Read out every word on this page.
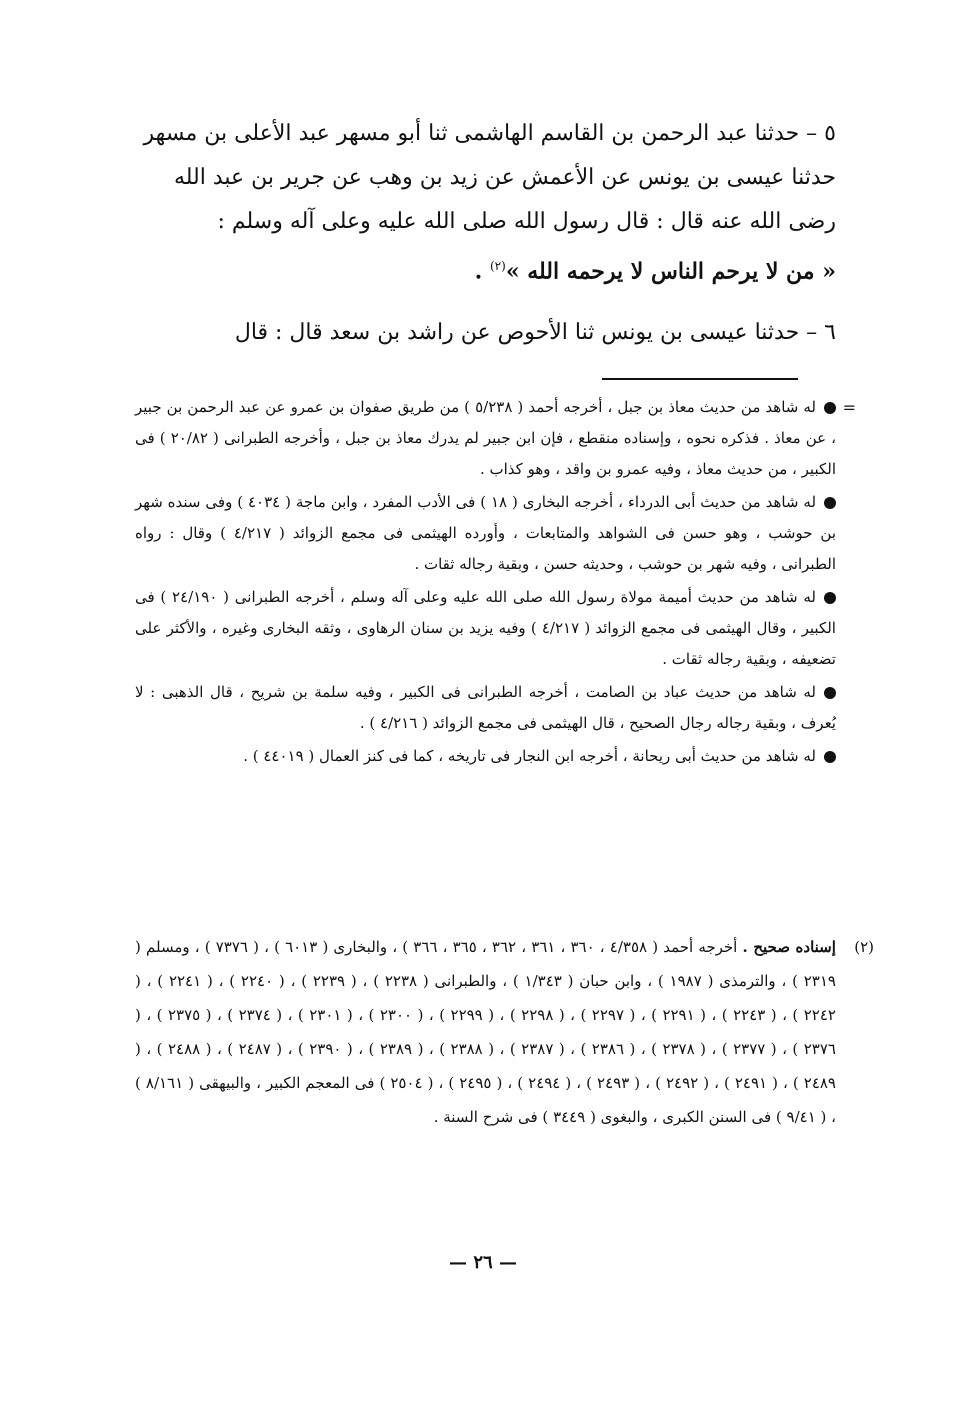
٥ – حدثنا عبد الرحمن بن القاسم الهاشمى ثنا أبو مسهر عبد الأعلى بن مسهر
حدثنا عيسى بن يونس عن الأعمش عن زيد بن وهب عن جرير بن عبد الله
رضى الله عنه قال : قال رسول الله صلى الله عليه وعلى آله وسلم :
« من لا يرحم الناس لا يرحمه الله »$^{(٢)}$ .
٦ – حدثنا عيسى بن يونس ثنا الأحوص عن راشد بن سعد قال : قال
=
له شاهد من حديث معاذ بن جبل ، أخرجه أحمد ( ٥/٢٣٨ ) من طريق صفوان بن عمرو عن عبد الرحمن بن جبير ، عن معاذ . فذكره نحوه ، وإسناده منقطع ، فإن ابن جبير لم يدرك معاذ بن جبل ، وأخرجه الطبرانى ( ٢٠/٨٢ ) فى الكبير ، من حديث معاذ ، وفيه عمرو بن واقد ، وهو كذاب .
له شاهد من حديث أبى الدرداء ، أخرجه البخارى ( ١٨ ) فى الأدب المفرد ، وابن ماجة ( ٤٠٣٤ ) وفى سنده شهر بن حوشب ، وهو حسن فى الشواهد والمتابعات ، وأورده الهيثمى فى مجمع الزوائد ( ٤/٢١٧ ) وقال : رواه الطبرانى ، وفيه شهر بن حوشب ، وحديثه حسن ، وبقية رجاله ثقات .
له شاهد من حديث أميمة مولاة رسول الله صلى الله عليه وعلى آله وسلم ، أخرجه الطبرانى ( ٢٤/١٩٠ ) فى الكبير ، وقال الهيثمى فى مجمع الزوائد ( ٤/٢١٧ ) وفيه يزيد بن سنان الرهاوى ، وثقه البخارى وغيره ، والأكثر على تضعيفه ، وبقية رجاله ثقات .
له شاهد من حديث عباد بن الصامت ، أخرجه الطبرانى فى الكبير ، وفيه سلمة بن شريح ، قال الذهبى : لا يُعرف ، وبقية رجاله رجال الصحيح ، قال الهيثمى فى مجمع الزوائد ( ٤/٢١٦ ) .
له شاهد من حديث أبى ريحانة ، أخرجه ابن النجار فى تاريخه ، كما فى كنز العمال ( ٤٤٠١٩ ) .
(٢)
إسناده صحيح . أخرجه أحمد ( ٤/٣٥٨ ، ٣٦٠ ، ٣٦١ ، ٣٦٢ ، ٣٦٥ ، ٣٦٦ ) ، والبخارى ( ٦٠١٣ ) ، ( ٧٣٧٦ ) ، ومسلم ( ٢٣١٩ ) ، والترمذى ( ١٩٨٧ ) ، وابن حبان ( ١/٣٤٣ ) ، والطبرانى ( ٢٢٣٨ ) ، ( ٢٢٣٩ ) ، ( ٢٢٤٠ ) ، ( ٢٢٤١ ) ، ( ٢٢٤٢ ) ، ( ٢٢٤٣ ) ، ( ٢٢٩١ ) ، ( ٢٢٩٧ ) ، ( ٢٢٩٨ ) ، ( ٢٢٩٩ ) ، ( ٢٣٠٠ ) ، ( ٢٣٠١ ) ، ( ٢٣٧٤ ) ، ( ٢٣٧٥ ) ، ( ٢٣٧٦ ) ، ( ٢٣٧٧ ) ، ( ٢٣٧٨ ) ، ( ٢٣٨٦ ) ، ( ٢٣٨٧ ) ، ( ٢٣٨٨ ) ، ( ٢٣٨٩ ) ، ( ٢٣٩٠ ) ، ( ٢٤٨٧ ) ، ( ٢٤٨٨ ) ، ( ٢٤٨٩ ) ، ( ٢٤٩١ ) ، ( ٢٤٩٢ ) ، ( ٢٤٩٣ ) ، ( ٢٤٩٤ ) ، ( ٢٤٩٥ ) ، ( ٢٥٠٤ ) فى المعجم الكبير ، والبيهقى ( ٨/١٦١ ) ، ( ٩/٤١ ) فى السنن الكبرى ، والبغوى ( ٣٤٤٩ ) فى شرح السنة .
— ٢٦ —
